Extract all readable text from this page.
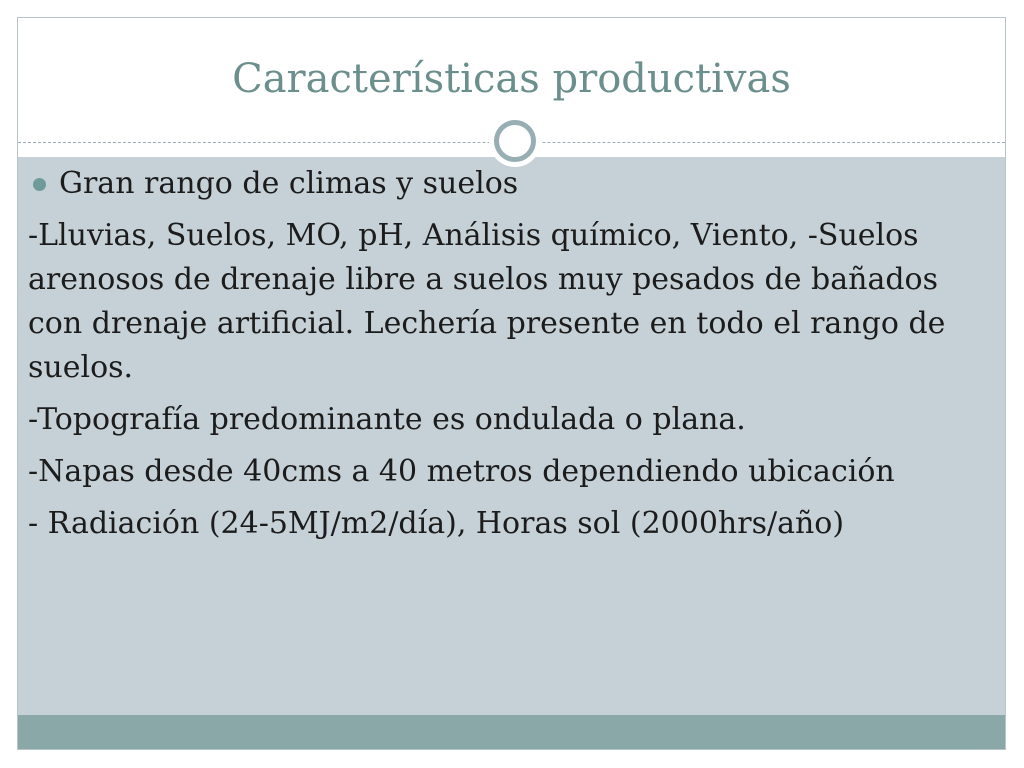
Características productivas
Gran rango de climas y suelos
-Lluvias, Suelos, MO, pH, Análisis químico, Viento, -Suelos arenosos de drenaje libre a suelos muy pesados de bañados con drenaje artificial. Lechería presente en todo el rango de suelos.
-Topografía predominante es ondulada o plana.
-Napas desde 40cms a 40 metros dependiendo ubicación
- Radiación (24-5MJ/m2/día), Horas sol (2000hrs/año)
